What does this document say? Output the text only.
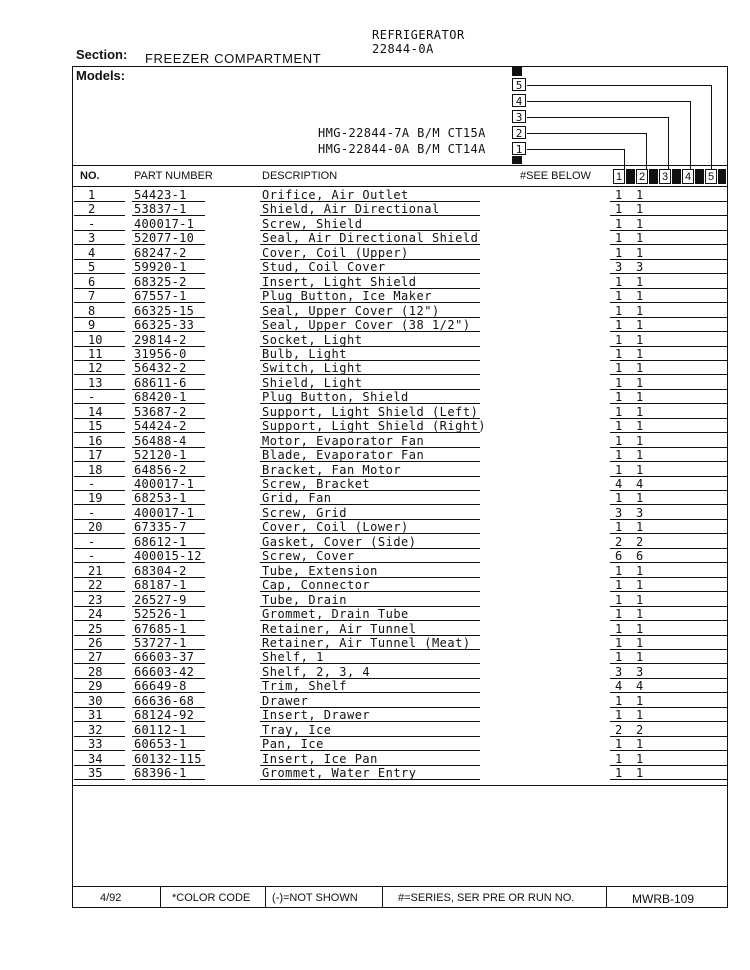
REFRIGERATOR
22844-0A
Section: FREEZER COMPARTMENT
Models:
HMG-22844-7A B/M CT15A
HMG-22844-0A B/M CT14A
5
4
3
2
1
NO.	PART NUMBER	DESCRIPTION	#SEE BELOW 1 2 3 4 5
1	54423-1	Orifice, Air Outlet	1 1
2	53837-1	Shield, Air Directional	1 1
-	400017-1	Screw, Shield	1 1
3	52077-10	Seal, Air Directional Shield	1 1
4	68247-2	Cover, Coil (Upper)	1 1
5	59920-1	Stud, Coil Cover	3 3
6	68325-2	Insert, Light Shield	1 1
7	67557-1	Plug Button, Ice Maker	1 1
8	66325-15	Seal, Upper Cover (12")	1 1
9	66325-33	Seal, Upper Cover (38 1/2")	1 1
10	29814-2	Socket, Light	1 1
11	31956-0	Bulb, Light	1 1
12	56432-2	Switch, Light	1 1
13	68611-6	Shield, Light	1 1
-	68420-1	Plug Button, Shield	1 1
14	53687-2	Support, Light Shield (Left)	1 1
15	54424-2	Support, Light Shield (Right)	1 1
16	56488-4	Motor, Evaporator Fan	1 1
17	52120-1	Blade, Evaporator Fan	1 1
18	64856-2	Bracket, Fan Motor	1 1
-	400017-1	Screw, Bracket	4 4
19	68253-1	Grid, Fan	1 1
-	400017-1	Screw, Grid	3 3
20	67335-7	Cover, Coil (Lower)	1 1
-	68612-1	Gasket, Cover (Side)	2 2
-	400015-12	Screw, Cover	6 6
21	68304-2	Tube, Extension	1 1
22	68187-1	Cap, Connector	1 1
23	26527-9	Tube, Drain	1 1
24	52526-1	Grommet, Drain Tube	1 1
25	67685-1	Retainer, Air Tunnel	1 1
26	53727-1	Retainer, Air Tunnel (Meat)	1 1
27	66603-37	Shelf, 1	1 1
28	66603-42	Shelf, 2, 3, 4	3 3
29	66649-8	Trim, Shelf	4 4
30	66636-68	Drawer	1 1
31	68124-92	Insert, Drawer	1 1
32	60112-1	Tray, Ice	2 2
33	60653-1	Pan, Ice	1 1
34	60132-115	Insert, Ice Pan	1 1
35	68396-1	Grommet, Water Entry	1 1
4/92	*COLOR CODE (-)=NOT SHOWN	#=SERIES, SER PRE OR RUN NO.	MWRB-109
